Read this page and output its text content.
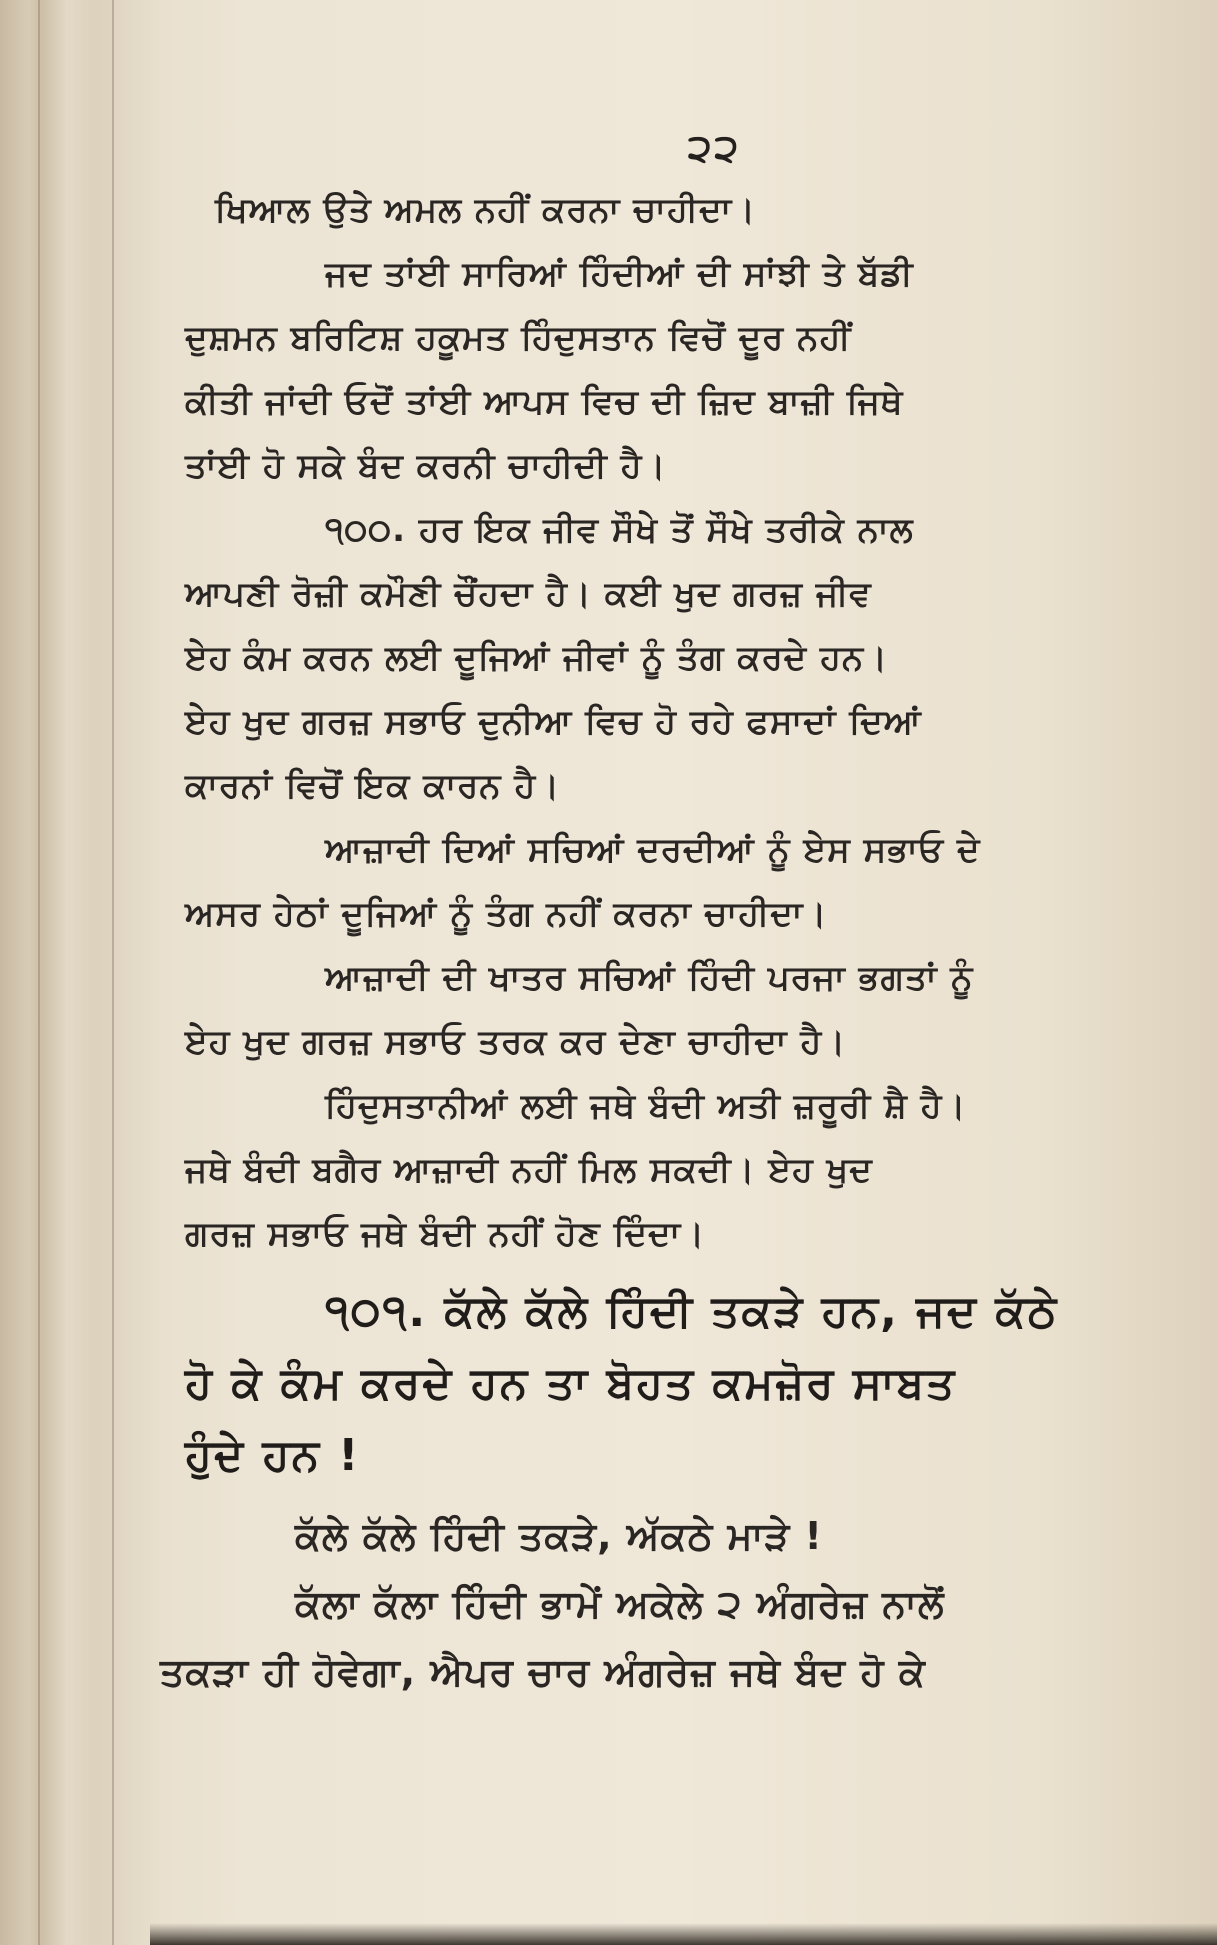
੨੨
ਖਿਆਲ ਉਤੇ ਅਮਲ ਨਹੀਂ ਕਰਨਾ ਚਾਹੀਦਾ।
ਜਦ ਤਾਂਈ ਸਾਰਿਆਂ ਹਿੰਦੀਆਂ ਦੀ ਸਾਂਝੀ ਤੇ ਬੱਡੀ
ਦੁਸ਼ਮਨ ਬਰਿਟਿਸ਼ ਹਕੂਮਤ ਹਿੰਦੁਸਤਾਨ ਵਿਚੋਂ ਦੂਰ ਨਹੀਂ
ਕੀਤੀ ਜਾਂਦੀ ਓਦੋਂ ਤਾਂਈ ਆਪਸ ਵਿਚ ਦੀ ਜ਼ਿਦ ਬਾਜ਼ੀ ਜਿਥੇ
ਤਾਂਈ ਹੋ ਸਕੇ ਬੰਦ ਕਰਨੀ ਚਾਹੀਦੀ ਹੈ।
੧੦੦. ਹਰ ਇਕ ਜੀਵ ਸੌਖੇ ਤੋਂ ਸੌਖੇ ਤਰੀਕੇ ਨਾਲ
ਆਪਣੀ ਰੋਜ਼ੀ ਕਮੌਣੀ ਚੌਂਹਦਾ ਹੈ। ਕਈ ਖੁਦ ਗਰਜ਼ ਜੀਵ
ਏਹ ਕੰਮ ਕਰਨ ਲਈ ਦੂਜਿਆਂ ਜੀਵਾਂ ਨੂੰ ਤੰਗ ਕਰਦੇ ਹਨ।
ਏਹ ਖੁਦ ਗਰਜ਼ ਸਭਾਓ ਦੁਨੀਆ ਵਿਚ ਹੋ ਰਹੇ ਫਸਾਦਾਂ ਦਿਆਂ
ਕਾਰਨਾਂ ਵਿਚੋਂ ਇਕ ਕਾਰਨ ਹੈ।
ਆਜ਼ਾਦੀ ਦਿਆਂ ਸਚਿਆਂ ਦਰਦੀਆਂ ਨੂੰ ਏਸ ਸਭਾਓ ਦੇ
ਅਸਰ ਹੇਠਾਂ ਦੂਜਿਆਂ ਨੂੰ ਤੰਗ ਨਹੀਂ ਕਰਨਾ ਚਾਹੀਦਾ।
ਆਜ਼ਾਦੀ ਦੀ ਖਾਤਰ ਸਚਿਆਂ ਹਿੰਦੀ ਪਰਜਾ ਭਗਤਾਂ ਨੂੰ
ਏਹ ਖੁਦ ਗਰਜ਼ ਸਭਾਓ ਤਰਕ ਕਰ ਦੇਣਾ ਚਾਹੀਦਾ ਹੈ।
ਹਿੰਦੁਸਤਾਨੀਆਂ ਲਈ ਜਥੇ ਬੰਦੀ ਅਤੀ ਜ਼ਰੂਰੀ ਸ਼ੈ ਹੈ।
ਜਥੇ ਬੰਦੀ ਬਗੈਰ ਆਜ਼ਾਦੀ ਨਹੀਂ ਮਿਲ ਸਕਦੀ। ਏਹ ਖੁਦ
ਗਰਜ਼ ਸਭਾਓ ਜਥੇ ਬੰਦੀ ਨਹੀਂ ਹੋਣ ਦਿੰਦਾ।
੧੦੧. ਕੱਲੇ ਕੱਲੇ ਹਿੰਦੀ ਤਕੜੇ ਹਨ, ਜਦ ਕੱਠੇ
ਹੋ ਕੇ ਕੰਮ ਕਰਦੇ ਹਨ ਤਾ ਬੋਹਤ ਕਮਜ਼ੋਰ ਸਾਬਤ
ਹੁੰਦੇ ਹਨ !
ਕੱਲੇ ਕੱਲੇ ਹਿੰਦੀ ਤਕੜੇ, ਅੱਕਠੇ ਮਾੜੇ !
ਕੱਲਾ ਕੱਲਾ ਹਿੰਦੀ ਭਾਮੇਂ ਅਕੇਲੇ ੨ ਅੰਗਰੇਜ਼ ਨਾਲੋਂ
ਤਕੜਾ ਹੀ ਹੋਵੇਗਾ, ਐਪਰ ਚਾਰ ਅੰਗਰੇਜ਼ ਜਥੇ ਬੰਦ ਹੋ ਕੇ
